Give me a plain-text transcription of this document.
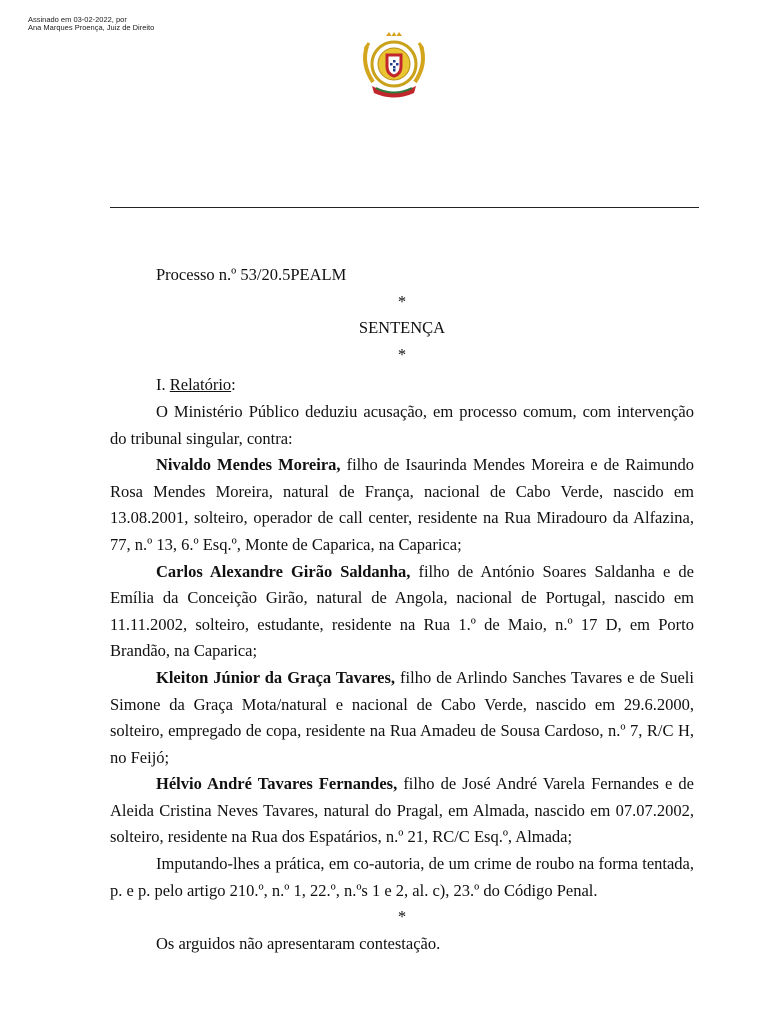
Assinado em 03-02-2022, por
Ana Marques Proença, Juiz de Direito

Processo n.º 53/20.5PEALM

*

SENTENÇA

*

I. Relatório:

O Ministério Público deduziu acusação, em processo comum, com intervenção do tribunal singular, contra:

Nivaldo Mendes Moreira, filho de Isaurinda Mendes Moreira e de Raimundo Rosa Mendes Moreira, natural de França, nacional de Cabo Verde, nascido em 13.08.2001, solteiro, operador de call center, residente na Rua Miradouro da Alfazina, 77, n.º 13, 6.º Esq.º, Monte de Caparica, na Caparica;

Carlos Alexandre Girão Saldanha, filho de António Soares Saldanha e de Emília da Conceição Girão, natural de Angola, nacional de Portugal, nascido em 11.11.2002, solteiro, estudante, residente na Rua 1.º de Maio, n.º 17 D, em Porto Brandão, na Caparica;

Kleiton Júnior da Graça Tavares, filho de Arlindo Sanches Tavares e de Sueli Simone da Graça Mota/natural e nacional de Cabo Verde, nascido em 29.6.2000, solteiro, empregado de copa, residente na Rua Amadeu de Sousa Cardoso, n.º 7, R/C H, no Feijó;

Hélvio André Tavares Fernandes, filho de José André Varela Fernandes e de Aleida Cristina Neves Tavares, natural do Pragal, em Almada, nascido em 07.07.2002, solteiro, residente na Rua dos Espatários, n.º 21, RC/C Esq.º, Almada;

Imputando-lhes a prática, em co-autoria, de um crime de roubo na forma tentada, p. e p. pelo artigo 210.º, n.º 1, 22.º, n.ºs 1 e 2, al. c), 23.º do Código Penal.

*

Os arguidos não apresentaram contestação.
